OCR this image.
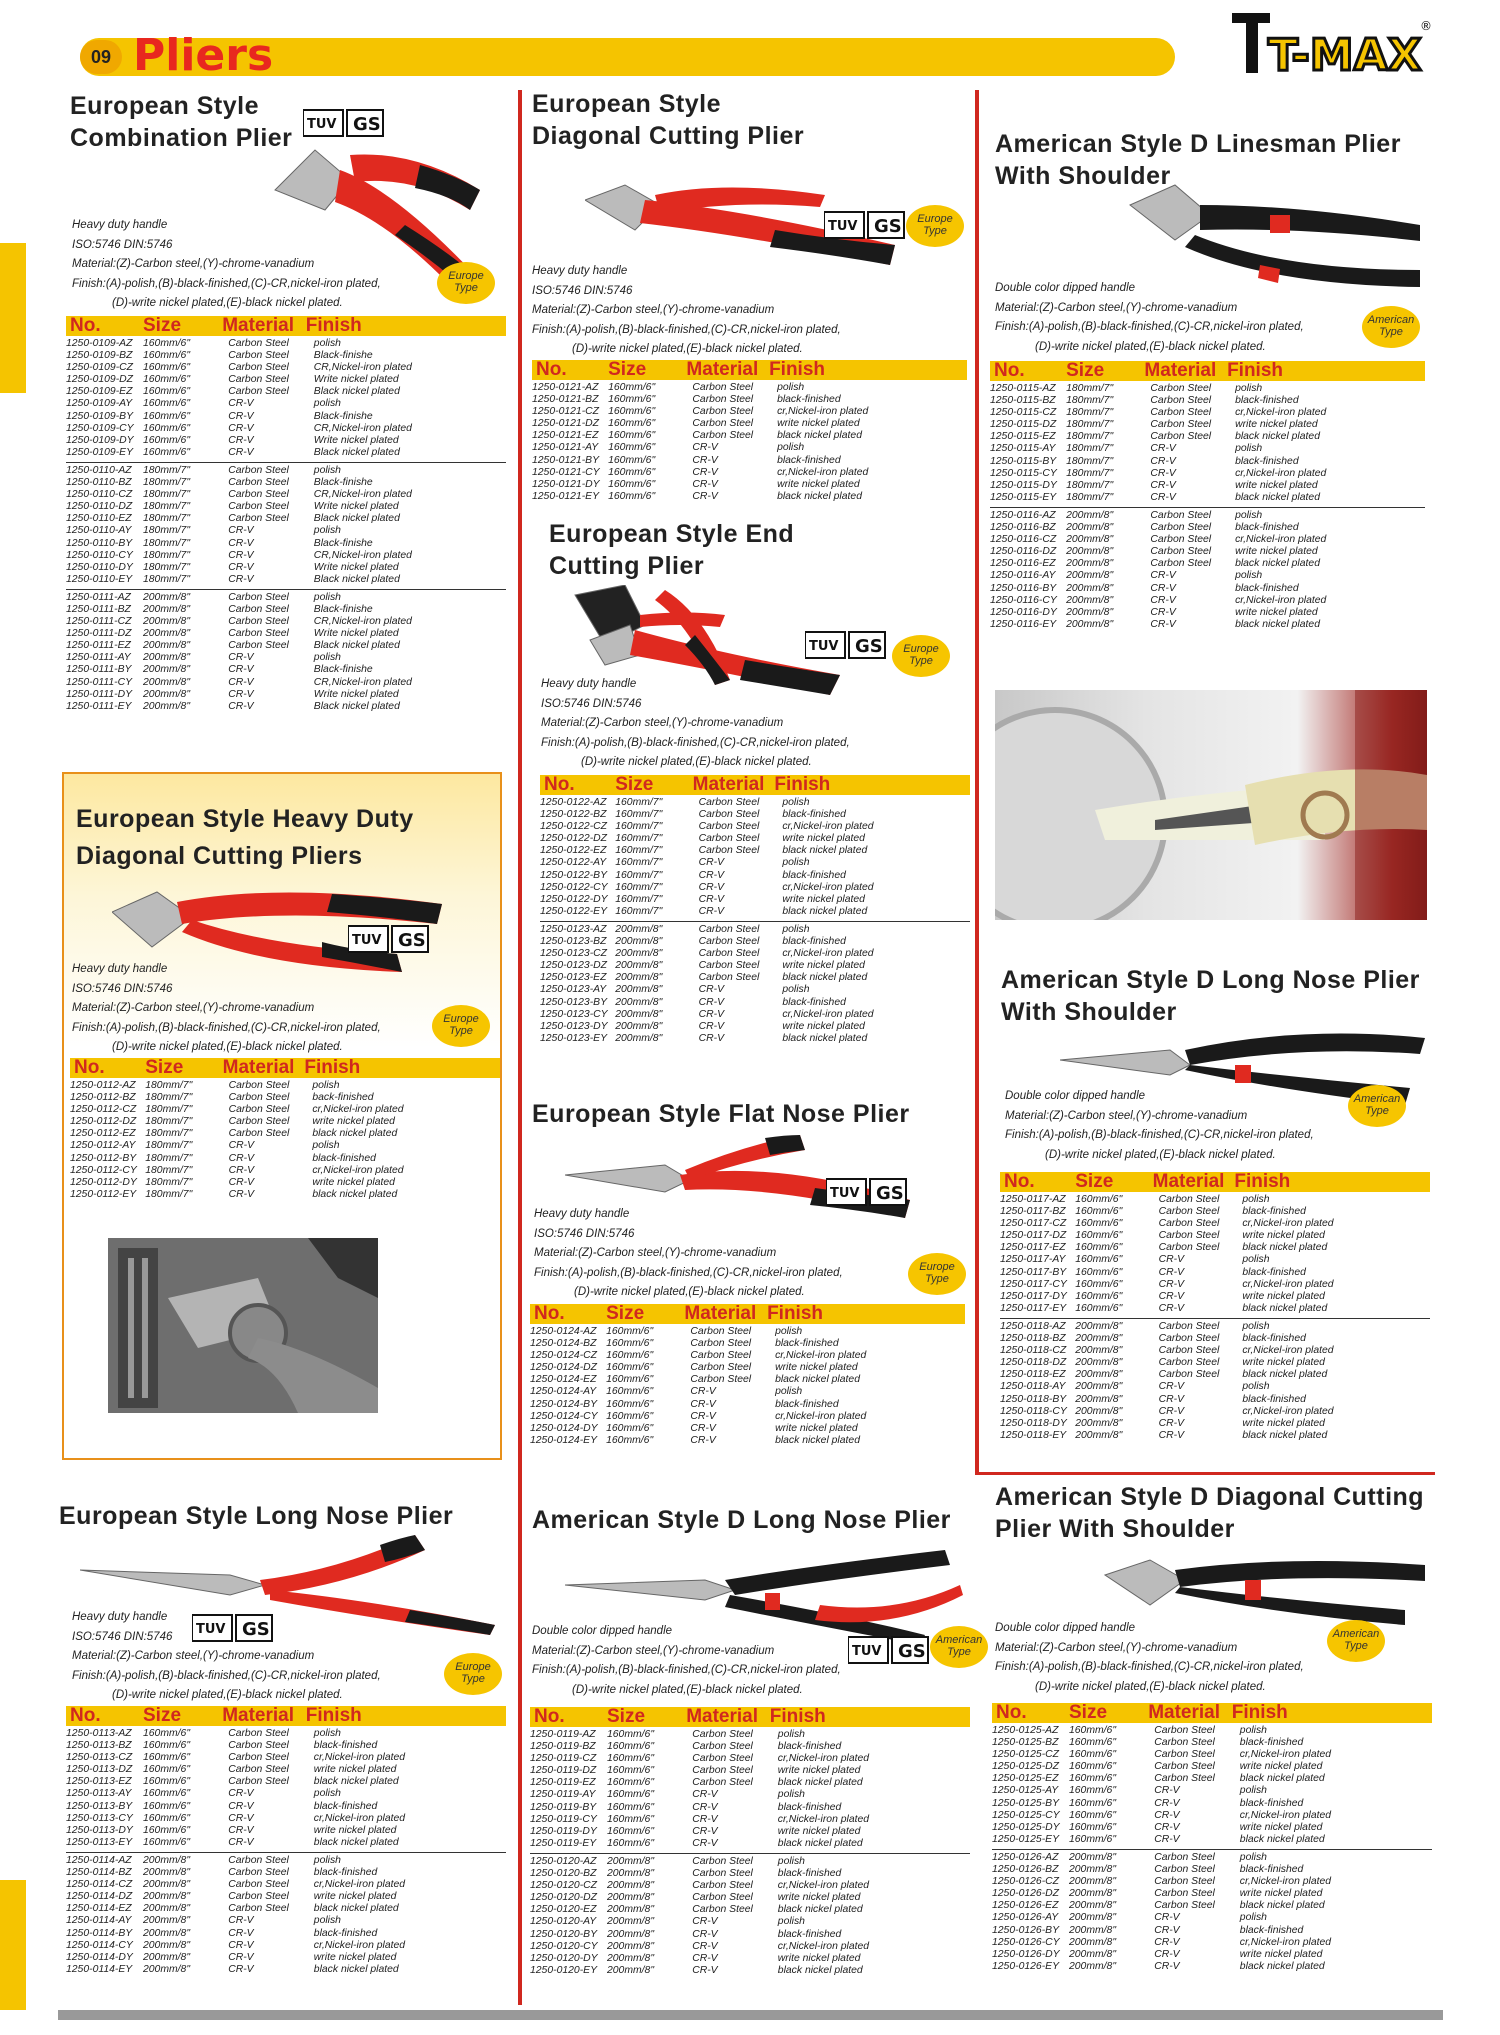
09 Pliers	T-MAX
®
European Style
Combination Plier TUV GS
Heavy duty handle
ISO:5746 DIN:5746
Material:(Z)-Carbon steel,(Y)-chrome-vanadium
Finish:(A)-polish,(B)-black-finished,(C)-CR,nickel-iron plated,
(D)-write nickel plated,(E)-black nickel plated.
Europe Type
No. Size Material Finish
1250-0109-AZ 160mm/6"	Carbon Steel polish
1250-0109-BZ 160mm/6"	Carbon Steel Black-finishe
1250-0109-CZ 160mm/6"	Carbon Steel CR,Nickel-iron plated
1250-0109-DZ 160mm/6"	Carbon Steel Write nickel plated
1250-0109-EZ 160mm/6"	Carbon Steel Black nickel plated
1250-0109-AY 160mm/6"	CR-V	polish
1250-0109-BY 160mm/6"	CR-V	Black-finishe
1250-0109-CY 160mm/6"	CR-V	CR,Nickel-iron plated
1250-0109-DY 160mm/6"	CR-V	Write nickel plated
1250-0109-EY 160mm/6"	CR-V	Black nickel plated
1250-0110-AZ 180mm/7"	Carbon Steel polish
1250-0110-BZ 180mm/7"	Carbon Steel Black-finishe
1250-0110-CZ 180mm/7"	Carbon Steel CR,Nickel-iron plated
1250-0110-DZ 180mm/7"	Carbon Steel Write nickel plated
1250-0110-EZ 180mm/7"	Carbon Steel Black nickel plated
1250-0110-AY 180mm/7"	CR-V	polish
1250-0110-BY 180mm/7"	CR-V	Black-finishe
1250-0110-CY 180mm/7"	CR-V	CR,Nickel-iron plated
1250-0110-DY 180mm/7"	CR-V	Write nickel plated
1250-0110-EY 180mm/7"	CR-V	Black nickel plated
1250-0111-AZ 200mm/8"	Carbon Steel polish
1250-0111-BZ 200mm/8"	Carbon Steel Black-finishe
1250-0111-CZ 200mm/8"	Carbon Steel CR,Nickel-iron plated
1250-0111-DZ 200mm/8"	Carbon Steel Write nickel plated
1250-0111-EZ 200mm/8"	Carbon Steel Black nickel plated
1250-0111-AY 200mm/8"	CR-V	polish
1250-0111-BY 200mm/8"	CR-V	Black-finishe
1250-0111-CY 200mm/8"	CR-V	CR,Nickel-iron plated
1250-0111-DY 200mm/8"	CR-V	Write nickel plated
1250-0111-EY 200mm/8"	CR-V	Black nickel plated
European Style
Diagonal Cutting Plier
TUV GS	Europe Type
Heavy duty handle
ISO:5746 DIN:5746
Material:(Z)-Carbon steel,(Y)-chrome-vanadium
Finish:(A)-polish,(B)-black-finished,(C)-CR,nickel-iron plated,
(D)-write nickel plated,(E)-black nickel plated.
No. Size Material Finish
1250-0121-AZ 160mm/6"	Carbon Steel polish
1250-0121-BZ 160mm/6"	Carbon Steel black-finished
1250-0121-CZ 160mm/6"	Carbon Steel cr,Nickel-iron plated
1250-0121-DZ 160mm/6"	Carbon Steel write nickel plated
1250-0121-EZ 160mm/6"	Carbon Steel black nickel plated
1250-0121-AY 160mm/6"	CR-V	polish
1250-0121-BY 160mm/6"	CR-V	black-finished
1250-0121-CY 160mm/6"	CR-V	cr,Nickel-iron plated
1250-0121-DY 160mm/6"	CR-V	write nickel plated
1250-0121-EY 160mm/6"	CR-V	black nickel plated
American Style D Linesman Plier
With Shoulder
American Type
Double color dipped handle
Material:(Z)-Carbon steel,(Y)-chrome-vanadium
Finish:(A)-polish,(B)-black-finished,(C)-CR,nickel-iron plated,
(D)-write nickel plated,(E)-black nickel plated.
No. Size Material Finish
1250-0115-AZ 180mm/7"	Carbon Steel polish
1250-0115-BZ 180mm/7"	Carbon Steel black-finished
1250-0115-CZ 180mm/7"	Carbon Steel cr,Nickel-iron plated
1250-0115-DZ 180mm/7"	Carbon Steel write nickel plated
1250-0115-EZ 180mm/7"	Carbon Steel black nickel plated
1250-0115-AY 180mm/7"	CR-V	polish
1250-0115-BY 180mm/7"	CR-V	black-finished
1250-0115-CY 180mm/7"	CR-V	cr,Nickel-iron plated
1250-0115-DY 180mm/7"	CR-V	write nickel plated
1250-0115-EY 180mm/7"	CR-V	black nickel plated
1250-0116-AZ 200mm/8"	Carbon Steel polish
1250-0116-BZ 200mm/8"	Carbon Steel black-finished
1250-0116-CZ 200mm/8"	Carbon Steel cr,Nickel-iron plated
1250-0116-DZ 200mm/8"	Carbon Steel write nickel plated
1250-0116-EZ 200mm/8"	Carbon Steel black nickel plated
1250-0116-AY 200mm/8"	CR-V	polish
1250-0116-BY 200mm/8"	CR-V	black-finished
1250-0116-CY 200mm/8"	CR-V	cr,Nickel-iron plated
1250-0116-DY 200mm/8"	CR-V	write nickel plated
1250-0116-EY 200mm/8"	CR-V	black nickel plated
European Style End
Cutting Plier
TUV GS	Europe Type
Heavy duty handle
ISO:5746 DIN:5746
Material:(Z)-Carbon steel,(Y)-chrome-vanadium
Finish:(A)-polish,(B)-black-finished,(C)-CR,nickel-iron plated,
(D)-write nickel plated,(E)-black nickel plated.
No. Size Material Finish
1250-0122-AZ 160mm/7"	Carbon Steel polish
1250-0122-BZ 160mm/7"	Carbon Steel black-finished
1250-0122-CZ 160mm/7"	Carbon Steel cr,Nickel-iron plated
1250-0122-DZ 160mm/7"	Carbon Steel write nickel plated
1250-0122-EZ 160mm/7"	Carbon Steel black nickel plated
1250-0122-AY 160mm/7"	CR-V	polish
1250-0122-BY 160mm/7"	CR-V	black-finished
1250-0122-CY 160mm/7"	CR-V	cr,Nickel-iron plated
1250-0122-DY 160mm/7"	CR-V	write nickel plated
1250-0122-EY 160mm/7"	CR-V	black nickel plated
1250-0123-AZ 200mm/8"	Carbon Steel polish
1250-0123-BZ 200mm/8"	Carbon Steel black-finished
1250-0123-CZ 200mm/8"	Carbon Steel cr,Nickel-iron plated
1250-0123-DZ 200mm/8"	Carbon Steel write nickel plated
1250-0123-EZ 200mm/8"	Carbon Steel black nickel plated
1250-0123-AY 200mm/8"	CR-V	polish
1250-0123-BY 200mm/8"	CR-V	black-finished
1250-0123-CY 200mm/8"	CR-V	cr,Nickel-iron plated
1250-0123-DY 200mm/8"	CR-V	write nickel plated
1250-0123-EY 200mm/8"	CR-V	black nickel plated
European Style Heavy Duty
Diagonal Cutting Pliers
TUV GS
Europe Type
Heavy duty handle
ISO:5746 DIN:5746
Material:(Z)-Carbon steel,(Y)-chrome-vanadium
Finish:(A)-polish,(B)-black-finished,(C)-CR,nickel-iron plated,
(D)-write nickel plated,(E)-black nickel plated.
No. Size Material Finish
1250-0112-AZ 180mm/7"	Carbon Steel polish
1250-0112-BZ 180mm/7"	Carbon Steel back-finished
1250-0112-CZ 180mm/7"	Carbon Steel cr,Nickel-iron plated
1250-0112-DZ 180mm/7"	Carbon Steel write nickel plated
1250-0112-EZ 180mm/7"	Carbon Steel black nickel plated
1250-0112-AY 180mm/7"	CR-V	polish
1250-0112-BY 180mm/7"	CR-V	black-finished
1250-0112-CY 180mm/7"	CR-V	cr,Nickel-iron plated
1250-0112-DY 180mm/7"	CR-V	write nickel plated
1250-0112-EY 180mm/7"	CR-V	black nickel plated
American Style D Long Nose Plier
With Shoulder
American Type
Double color dipped handle
Material:(Z)-Carbon steel,(Y)-chrome-vanadium
Finish:(A)-polish,(B)-black-finished,(C)-CR,nickel-iron plated,
(D)-write nickel plated,(E)-black nickel plated.
No. Size Material Finish
1250-0117-AZ 160mm/6"	Carbon Steel polish
1250-0117-BZ 160mm/6"	Carbon Steel black-finished
1250-0117-CZ 160mm/6"	Carbon Steel cr,Nickel-iron plated
1250-0117-DZ 160mm/6"	Carbon Steel write nickel plated
1250-0117-EZ 160mm/6"	Carbon Steel black nickel plated
1250-0117-AY 160mm/6"	CR-V	polish
1250-0117-BY 160mm/6"	CR-V	black-finished
1250-0117-CY 160mm/6"	CR-V	cr,Nickel-iron plated
1250-0117-DY 160mm/6"	CR-V	write nickel plated
1250-0117-EY 160mm/6"	CR-V	black nickel plated
1250-0118-AZ 200mm/8"	Carbon Steel polish
1250-0118-BZ 200mm/8"	Carbon Steel black-finished
1250-0118-CZ 200mm/8"	Carbon Steel cr,Nickel-iron plated
1250-0118-DZ 200mm/8"	Carbon Steel write nickel plated
1250-0118-EZ 200mm/8"	Carbon Steel black nickel plated
1250-0118-AY 200mm/8"	CR-V	polish
1250-0118-BY 200mm/8"	CR-V	black-finished
1250-0118-CY 200mm/8"	CR-V	cr,Nickel-iron plated
1250-0118-DY 200mm/8"	CR-V	write nickel plated
1250-0118-EY 200mm/8"	CR-V	black nickel plated
European Style Flat Nose Plier
TUV GS
Europe Type
Heavy duty handle
ISO:5746 DIN:5746
Material:(Z)-Carbon steel,(Y)-chrome-vanadium
Finish:(A)-polish,(B)-black-finished,(C)-CR,nickel-iron plated,
(D)-write nickel plated,(E)-black nickel plated.
No. Size Material Finish
1250-0124-AZ 160mm/6"	Carbon Steel polish
1250-0124-BZ 160mm/6"	Carbon Steel black-finished
1250-0124-CZ 160mm/6"	Carbon Steel cr,Nickel-iron plated
1250-0124-DZ 160mm/6"	Carbon Steel write nickel plated
1250-0124-EZ 160mm/6"	Carbon Steel black nickel plated
1250-0124-AY 160mm/6"	CR-V	polish
1250-0124-BY 160mm/6"	CR-V	black-finished
1250-0124-CY 160mm/6"	CR-V	cr,Nickel-iron plated
1250-0124-DY 160mm/6"	CR-V	write nickel plated
1250-0124-EY 160mm/6"	CR-V	black nickel plated
European Style Long Nose Plier
TUV GS
Europe Type
Heavy duty handle
ISO:5746 DIN:5746
Material:(Z)-Carbon steel,(Y)-chrome-vanadium
Finish:(A)-polish,(B)-black-finished,(C)-CR,nickel-iron plated,
(D)-write nickel plated,(E)-black nickel plated.
No. Size Material Finish
1250-0113-AZ 160mm/6"	Carbon Steel polish
1250-0113-BZ 160mm/6"	Carbon Steel black-finished
1250-0113-CZ 160mm/6"	Carbon Steel cr,Nickel-iron plated
1250-0113-DZ 160mm/6"	Carbon Steel write nickel plated
1250-0113-EZ 160mm/6"	Carbon Steel black nickel plated
1250-0113-AY 160mm/6"	CR-V	polish
1250-0113-BY 160mm/6"	CR-V	black-finished
1250-0113-CY 160mm/6"	CR-V	cr,Nickel-iron plated
1250-0113-DY 160mm/6"	CR-V	write nickel plated
1250-0113-EY 160mm/6"	CR-V	black nickel plated
1250-0114-AZ 200mm/8"	Carbon Steel polish
1250-0114-BZ 200mm/8"	Carbon Steel black-finished
1250-0114-CZ 200mm/8"	Carbon Steel cr,Nickel-iron plated
1250-0114-DZ 200mm/8"	Carbon Steel write nickel plated
1250-0114-EZ 200mm/8"	Carbon Steel black nickel plated
1250-0114-AY 200mm/8"	CR-V	polish
1250-0114-BY 200mm/8"	CR-V	black-finished
1250-0114-CY 200mm/8"	CR-V	cr,Nickel-iron plated
1250-0114-DY 200mm/8"	CR-V	write nickel plated
1250-0114-EY 200mm/8"	CR-V	black nickel plated
American Style D Long Nose Plier
TUV GS
American Type
Double color dipped handle
Material:(Z)-Carbon steel,(Y)-chrome-vanadium
Finish:(A)-polish,(B)-black-finished,(C)-CR,nickel-iron plated,
(D)-write nickel plated,(E)-black nickel plated.
No. Size Material Finish
1250-0119-AZ 160mm/6"	Carbon Steel polish
1250-0119-BZ 160mm/6"	Carbon Steel black-finished
1250-0119-CZ 160mm/6"	Carbon Steel cr,Nickel-iron plated
1250-0119-DZ 160mm/6"	Carbon Steel write nickel plated
1250-0119-EZ 160mm/6"	Carbon Steel black nickel plated
1250-0119-AY 160mm/6"	CR-V	polish
1250-0119-BY 160mm/6"	CR-V	black-finished
1250-0119-CY 160mm/6"	CR-V	cr,Nickel-iron plated
1250-0119-DY 160mm/6"	CR-V	write nickel plated
1250-0119-EY 160mm/6"	CR-V	black nickel plated
1250-0120-AZ 200mm/8"	Carbon Steel polish
1250-0120-BZ 200mm/8"	Carbon Steel black-finished
1250-0120-CZ 200mm/8"	Carbon Steel cr,Nickel-iron plated
1250-0120-DZ 200mm/8"	Carbon Steel write nickel plated
1250-0120-EZ 200mm/8"	Carbon Steel black nickel plated
1250-0120-AY 200mm/8"	CR-V	polish
1250-0120-BY 200mm/8"	CR-V	black-finished
1250-0120-CY 200mm/8"	CR-V	cr,Nickel-iron plated
1250-0120-DY 200mm/8"	CR-V	write nickel plated
1250-0120-EY 200mm/8"	CR-V	black nickel plated
American Style D Diagonal Cutting
Plier With Shoulder
American Type
Double color dipped handle
Material:(Z)-Carbon steel,(Y)-chrome-vanadium
Finish:(A)-polish,(B)-black-finished,(C)-CR,nickel-iron plated,
(D)-write nickel plated,(E)-black nickel plated.
No. Size Material Finish
1250-0125-AZ 160mm/6"	Carbon Steel polish
1250-0125-BZ 160mm/6"	Carbon Steel black-finished
1250-0125-CZ 160mm/6"	Carbon Steel cr,Nickel-iron plated
1250-0125-DZ 160mm/6"	Carbon Steel write nickel plated
1250-0125-EZ 160mm/6"	Carbon Steel black nickel plated
1250-0125-AY 160mm/6"	CR-V	polish
1250-0125-BY 160mm/6"	CR-V	black-finished
1250-0125-CY 160mm/6"	CR-V	cr,Nickel-iron plated
1250-0125-DY 160mm/6"	CR-V	write nickel plated
1250-0125-EY 160mm/6"	CR-V	black nickel plated
1250-0126-AZ 200mm/8"	Carbon Steel polish
1250-0126-BZ 200mm/8"	Carbon Steel black-finished
1250-0126-CZ 200mm/8"	Carbon Steel cr,Nickel-iron plated
1250-0126-DZ 200mm/8"	Carbon Steel write nickel plated
1250-0126-EZ 200mm/8"	Carbon Steel black nickel plated
1250-0126-AY 200mm/8"	CR-V	polish
1250-0126-BY 200mm/8"	CR-V	black-finished
1250-0126-CY 200mm/8"	CR-V	cr,Nickel-iron plated
1250-0126-DY 200mm/8"	CR-V	write nickel plated
1250-0126-EY 200mm/8"	CR-V	black nickel plated
